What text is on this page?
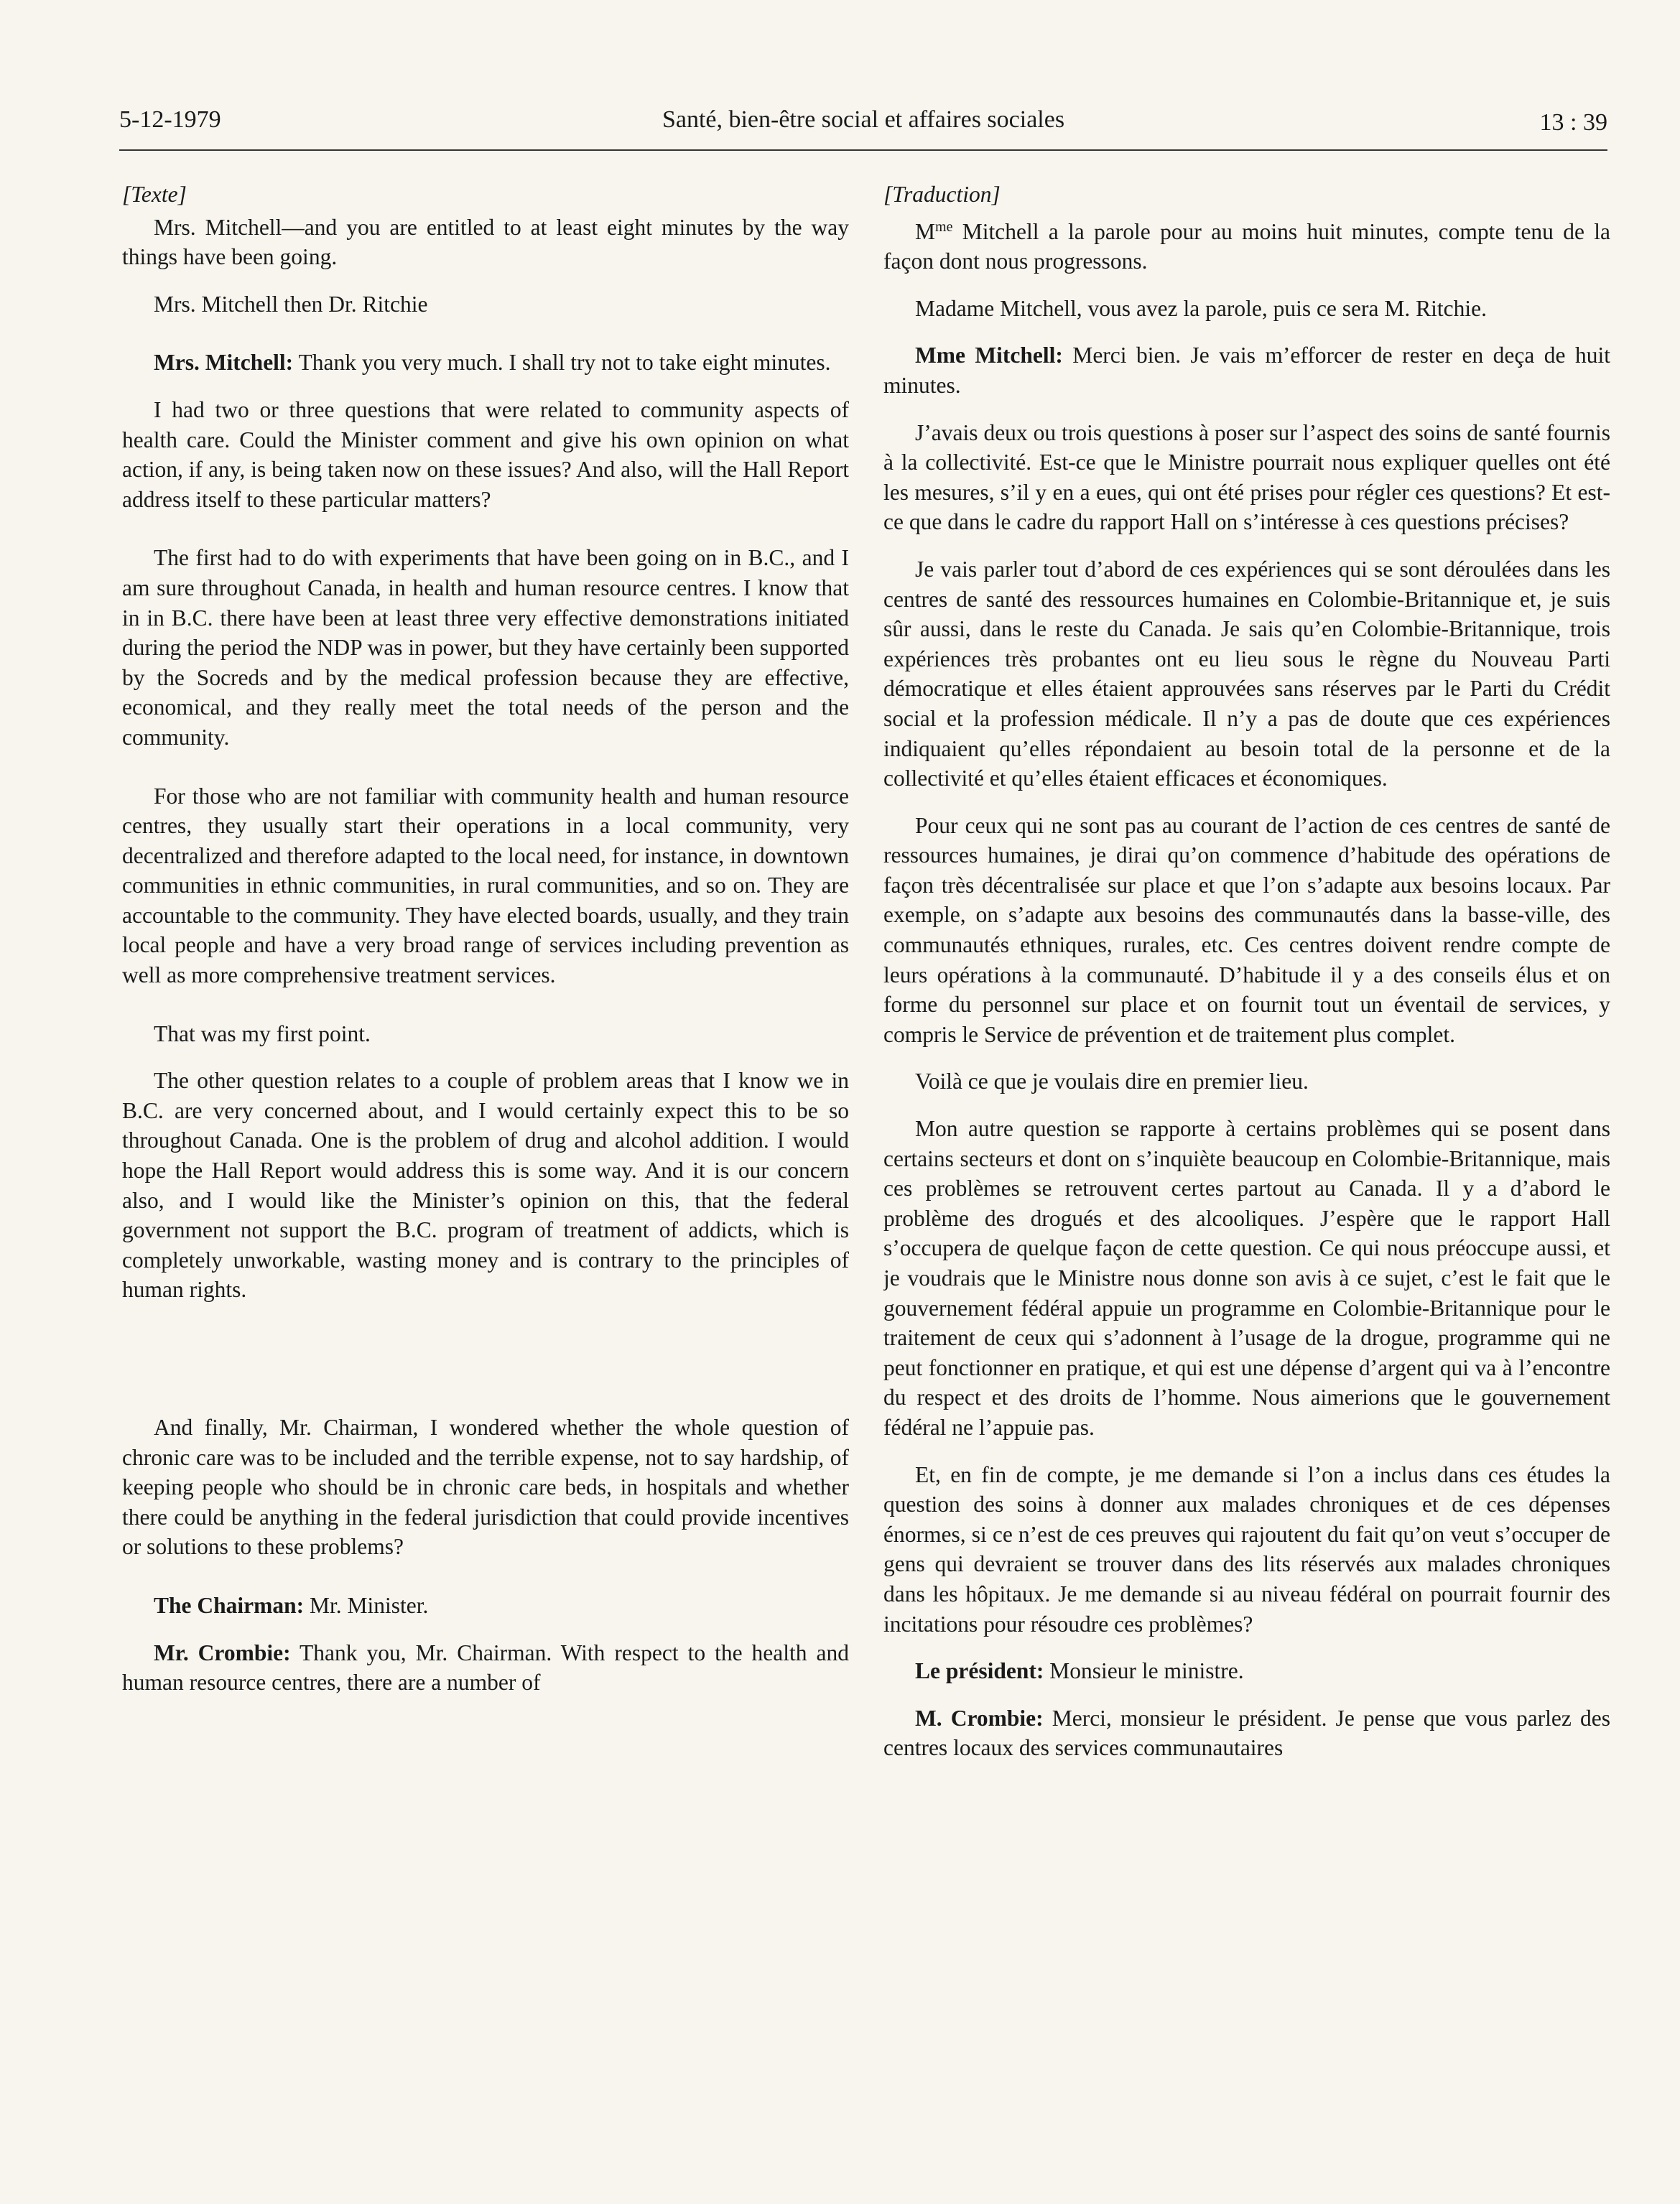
5-12-1979	Santé, bien-être social et affaires sociales	13 : 39

[Texte]

Mrs. Mitchell—and you are entitled to at least eight minutes by the way things have been going.

Mrs. Mitchell then Dr. Ritchie

Mrs. Mitchell: Thank you very much. I shall try not to take eight minutes.

I had two or three questions that were related to community aspects of health care. Could the Minister comment and give his own opinion on what action, if any, is being taken now on these issues? And also, will the Hall Report address itself to these particular matters?

The first had to do with experiments that have been going on in B.C., and I am sure throughout Canada, in health and human resource centres. I know that in in B.C. there have been at least three very effective demonstrations initiated during the period the NDP was in power, but they have certainly been supported by the Socreds and by the medical profession because they are effective, economical, and they really meet the total needs of the person and the community.

For those who are not familiar with community health and human resource centres, they usually start their operations in a local community, very decentralized and therefore adapted to the local need, for instance, in downtown communities in ethnic communities, in rural communities, and so on. They are accountable to the community. They have elected boards, usually, and they train local people and have a very broad range of services including prevention as well as more comprehensive treatment services.

That was my first point.

The other question relates to a couple of problem areas that I know we in B.C. are very concerned about, and I would certainly expect this to be so throughout Canada. One is the problem of drug and alcohol addition. I would hope the Hall Report would address this is some way. And it is our concern also, and I would like the Minister’s opinion on this, that the federal government not support the B.C. program of treatment of addicts, which is completely unworkable, wasting money and is contrary to the principles of human rights.

And finally, Mr. Chairman, I wondered whether the whole question of chronic care was to be included and the terrible expense, not to say hardship, of keeping people who should be in chronic care beds, in hospitals and whether there could be anything in the federal jurisdiction that could provide incentives or solutions to these problems?

The Chairman: Mr. Minister.

Mr. Crombie: Thank you, Mr. Chairman. With respect to the health and human resource centres, there are a number of

[Traduction]

$M^{me}$ Mitchell a la parole pour au moins huit minutes, compte tenu de la façon dont nous progressons.

Madame Mitchell, vous avez la parole, puis ce sera M. Ritchie.

Mme Mitchell: Merci bien. Je vais m’efforcer de rester en deça de huit minutes.

J’avais deux ou trois questions à poser sur l’aspect des soins de santé fournis à la collectivité. Est-ce que le Ministre pourrait nous expliquer quelles ont été les mesures, s’il y en a eues, qui ont été prises pour régler ces questions? Et est-ce que dans le cadre du rapport Hall on s’intéresse à ces questions précises?

Je vais parler tout d’abord de ces expériences qui se sont déroulées dans les centres de santé des ressources humaines en Colombie-Britannique et, je suis sûr aussi, dans le reste du Canada. Je sais qu’en Colombie-Britannique, trois expériences très probantes ont eu lieu sous le règne du Nouveau Parti démocratique et elles étaient approuvées sans réserves par le Parti du Crédit social et la profession médicale. Il n’y a pas de doute que ces expériences indiquaient qu’elles répondaient au besoin total de la personne et de la collectivité et qu’elles étaient efficaces et économiques.

Pour ceux qui ne sont pas au courant de l’action de ces centres de santé de ressources humaines, je dirai qu’on commence d’habitude des opérations de façon très décentralisée sur place et que l’on s’adapte aux besoins locaux. Par exemple, on s’adapte aux besoins des communautés dans la basse-ville, des communautés ethniques, rurales, etc. Ces centres doivent rendre compte de leurs opérations à la communauté. D’habitude il y a des conseils élus et on forme du personnel sur place et on fournit tout un éventail de services, y compris le Service de prévention et de traitement plus complet.

Voilà ce que je voulais dire en premier lieu.

Mon autre question se rapporte à certains problèmes qui se posent dans certains secteurs et dont on s’inquiète beaucoup en Colombie-Britannique, mais ces problèmes se retrouvent certes partout au Canada. Il y a d’abord le problème des drogués et des alcooliques. J’espère que le rapport Hall s’occupera de quelque façon de cette question. Ce qui nous préoccupe aussi, et je voudrais que le Ministre nous donne son avis à ce sujet, c’est le fait que le gouvernement fédéral appuie un programme en Colombie-Britannique pour le traitement de ceux qui s’adonnent à l’usage de la drogue, programme qui ne peut fonctionner en pratique, et qui est une dépense d’argent qui va à l’encontre du respect et des droits de l’homme. Nous aimerions que le gouvernement fédéral ne l’appuie pas.

Et, en fin de compte, je me demande si l’on a inclus dans ces études la question des soins à donner aux malades chroniques et de ces dépenses énormes, si ce n’est de ces preuves qui rajoutent du fait qu’on veut s’occuper de gens qui devraient se trouver dans des lits réservés aux malades chroniques dans les hôpitaux. Je me demande si au niveau fédéral on pourrait fournir des incitations pour résoudre ces problèmes?

Le président: Monsieur le ministre.

M. Crombie: Merci, monsieur le président. Je pense que vous parlez des centres locaux des services communautaires
